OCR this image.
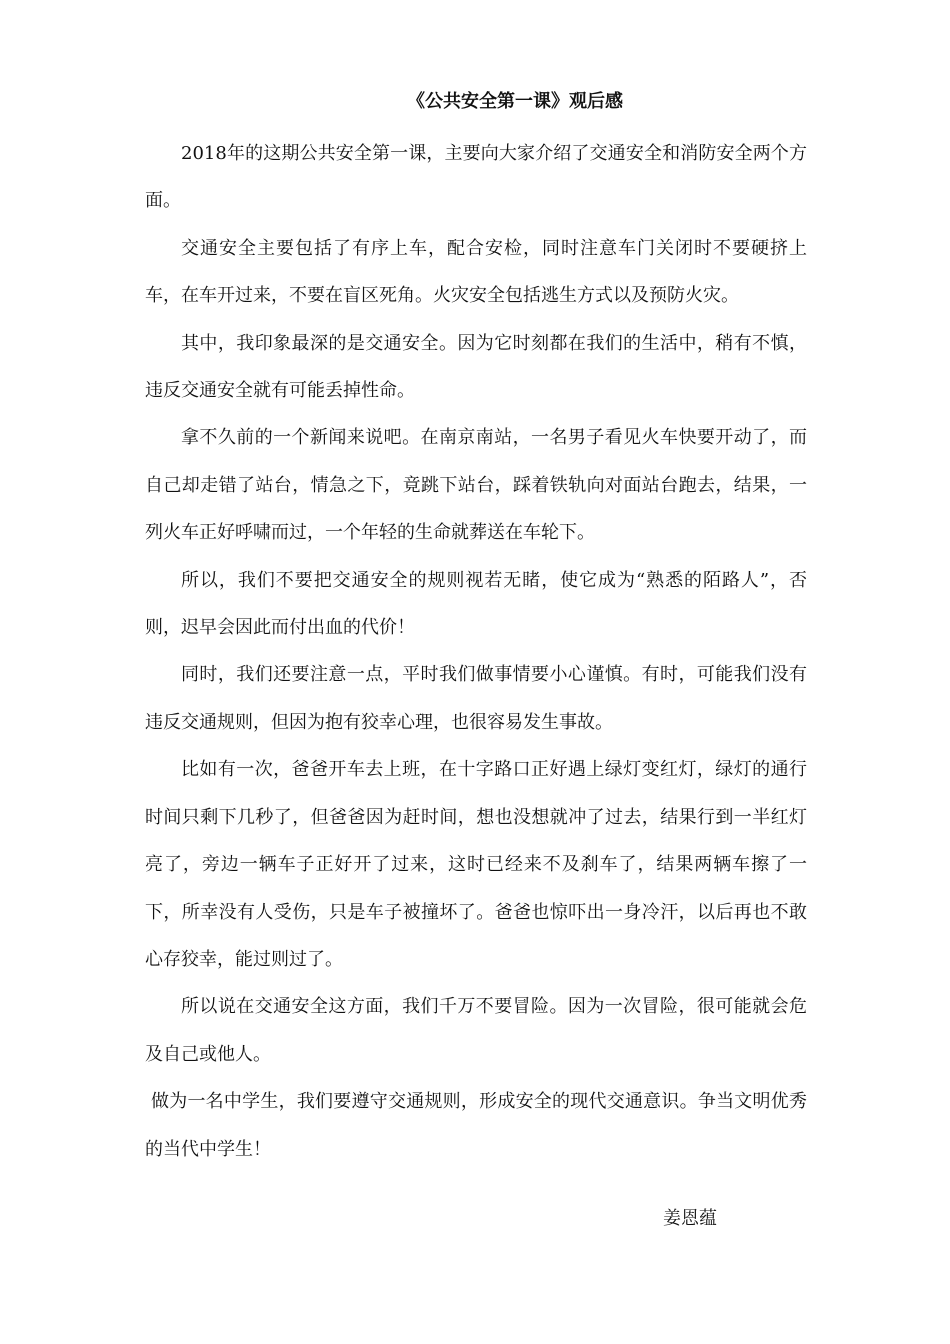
《公共安全第一课》观后感

2018年的这期公共安全第一课，主要向大家介绍了交通安全和消防安全两个方面。

交通安全主要包括了有序上车，配合安检，同时注意车门关闭时不要硬挤上车，在车开过来，不要在盲区死角。火灾安全包括逃生方式以及预防火灾。

其中，我印象最深的是交通安全。因为它时刻都在我们的生活中，稍有不慎，违反交通安全就有可能丢掉性命。

拿不久前的一个新闻来说吧。在南京南站，一名男子看见火车快要开动了，而自己却走错了站台，情急之下，竟跳下站台，踩着铁轨向对面站台跑去，结果，一列火车正好呼啸而过，一个年轻的生命就葬送在车轮下。

所以，我们不要把交通安全的规则视若无睹，使它成为“熟悉的陌路人”，否则，迟早会因此而付出血的代价！

同时，我们还要注意一点，平时我们做事情要小心谨慎。有时，可能我们没有违反交通规则，但因为抱有狡幸心理，也很容易发生事故。

比如有一次，爸爸开车去上班，在十字路口正好遇上绿灯变红灯，绿灯的通行时间只剩下几秒了，但爸爸因为赶时间，想也没想就冲了过去，结果行到一半红灯亮了，旁边一辆车子正好开了过来，这时已经来不及刹车了，结果两辆车擦了一下，所幸没有人受伤，只是车子被撞坏了。爸爸也惊吓出一身冷汗，以后再也不敢心存狡幸，能过则过了。

所以说在交通安全这方面，我们千万不要冒险。因为一次冒险，很可能就会危及自己或他人。

做为一名中学生，我们要遵守交通规则，形成安全的现代交通意识。争当文明优秀的当代中学生！

姜恩蕴
